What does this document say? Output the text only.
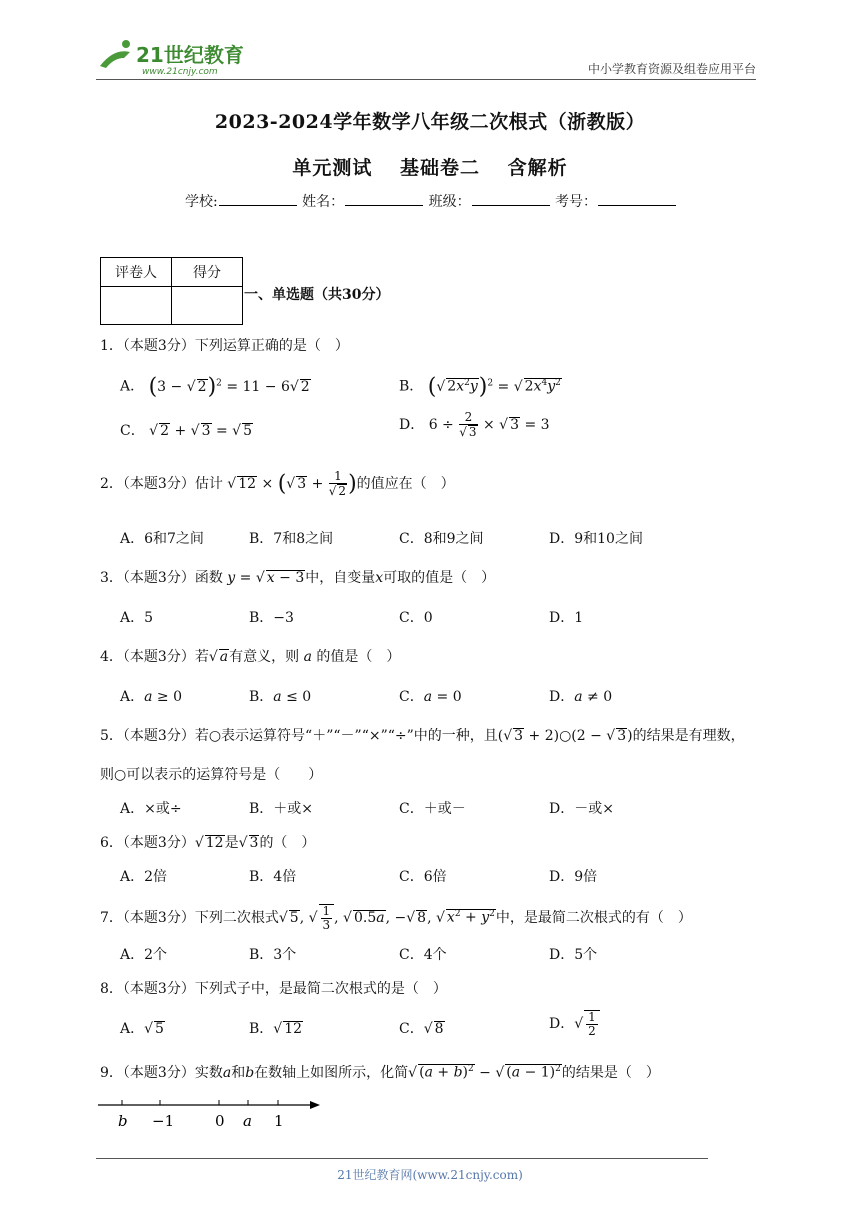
21世纪教育
www.21cnjy.com	中小学教育资源及组卷应用平台
2023-2024学年数学八年级二次根式（浙教版）
单元测试 基础卷二 含解析
学校:	姓名：	班级：	考号：
评卷人	得分

一、单选题（共30分）
1．（本题3分）下列运算正确的是（　）
A． (3 − √ 2)$^2$ = 11 − 6√ 2	B． (√ $2x^2y)^2$ = √ $2x^4y^2$
C． √ 2 + √ 3 = √ 5	D． $6 \div \frac{2}{√ 3}$ × √ 3 = 3
2．（本题3分）估计 √ 12 × (√ $3 + \frac{1}{√ 2}$ )的值应在（　）
A．6和7之间	B．7和8之间	C．8和9之间	D．9和10之间
3．（本题3分）函数 y = √ x − 3中，自变量x可取的值是（　）
A．5	B．−3	C．0	D．1
4．（本题3分）若√ a有意义，则 a 的值是（　）
A．a ≥ 0	B．a ≤ 0	C．a = 0	D．a ≠ 0
5．（本题3分）若○表示运算符号“＋”“－”“×”“÷”中的一种，且(√ 3 + 2)○(2 − √ 3)的结果是有理数，
则○可以表示的运算符号是（　　）
A．×或÷	B．＋或×	C．＋或－	D．－或×
6．（本题3分）√ 12是√ 3的（　）
A．2倍	B．4倍	C．6倍	D．9倍
7．（本题3分）下列二次根式√ 5, √ $\frac{1}{3}$ , √ 0.5a, −√ 8, √ $x^2 + y^2$中，是最简二次根式的有（　）
A．2个	B．3个	C．4个	D．5个
8．（本题3分）下列式子中，是最简二次根式的是（　）
A．√ 5	B．√ 12	C．√ 8	D．√ $\frac{1}{2}$
9．（本题3分）实数a和b在数轴上如图所示，化简√ $(a + b)^2$ − √ $(a - 1)^2$的结果是（　）
b −1	0 a 1
21世纪教育网(www.21cnjy.com)
